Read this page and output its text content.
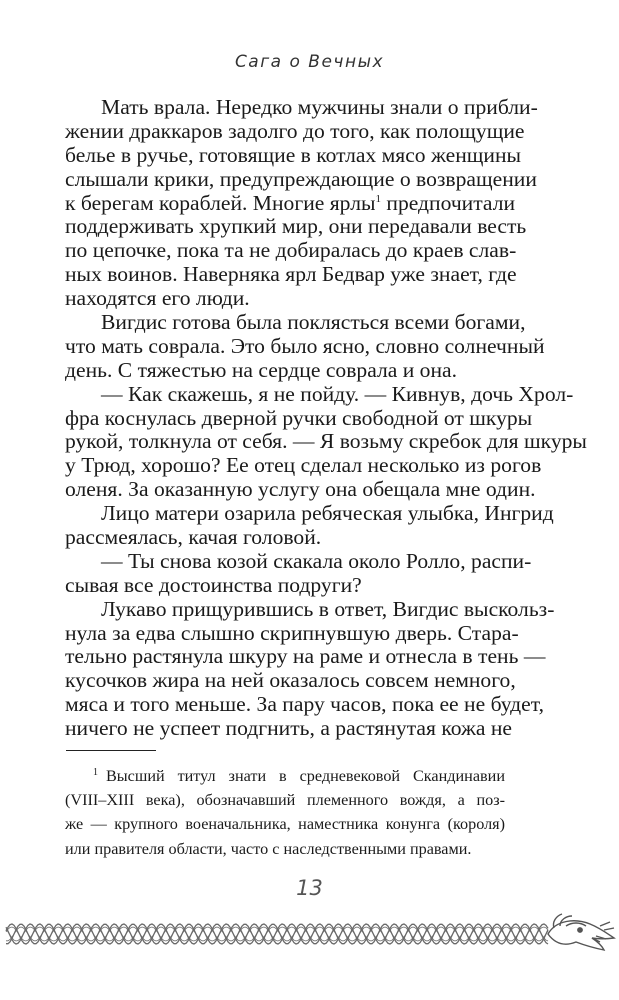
Сага о Вечных
Мать врала. Нередко мужчины знали о прибли-
жении драккаров задолго до того, как полощущие
белье в ручье, готовящие в котлах мясо женщины
слышали крики, предупреждающие о возвращении
к берегам кораблей. Многие ярлы$^1$ предпочитали
поддерживать хрупкий мир, они передавали весть
по цепочке, пока та не добиралась до краев слав-
ных воинов. Наверняка ярл Бедвар уже знает, где
находятся его люди.
Вигдис готова была поклясться всеми богами,
что мать соврала. Это было ясно, словно солнечный
день. С тяжестью на сердце соврала и она.
— Как скажешь, я не пойду. — Кивнув, дочь Хрол-
фра коснулась дверной ручки свободной от шкуры
рукой, толкнула от себя. — Я возьму скребок для шкуры
у Трюд, хорошо? Ее отец сделал несколько из рогов
оленя. За оказанную услугу она обещала мне один.
Лицо матери озарила ребяческая улыбка, Ингрид
рассмеялась, качая головой.
— Ты снова козой скакала около Ролло, распи-
сывая все достоинства подруги?
Лукаво прищурившись в ответ, Вигдис выскольз-
нула за едва слышно скрипнувшую дверь. Стара-
тельно растянула шкуру на раме и отнесла в тень —
кусочков жира на ней оказалось совсем немного,
мяса и того меньше. За пару часов, пока ее не будет,
ничего не успеет подгнить, а растянутая кожа не
$^1$ Высший титул знати в средневековой Скандинавии
(VIII–XIII века), обозначавший племенного вождя, а поз-
же — крупного военачальника, наместника конунга (короля)
или правителя области, часто с наследственными правами.
13
